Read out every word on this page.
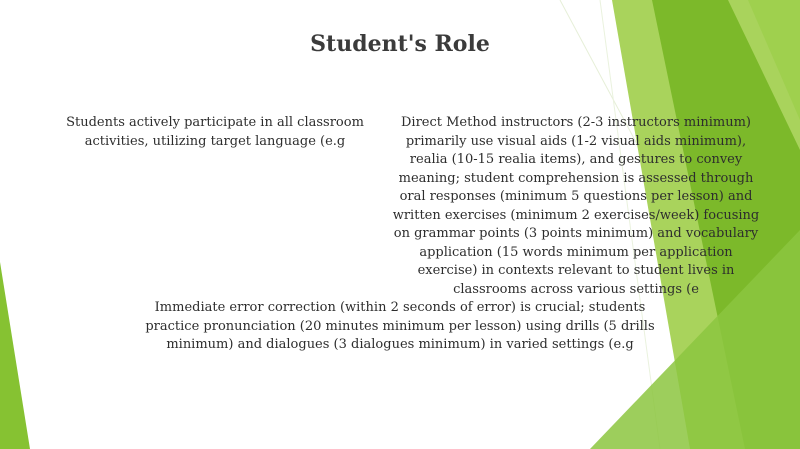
Student's Role

Students actively participate in all classroom activities, utilizing target language (e.g

Direct Method instructors (2-3 instructors minimum) primarily use visual aids (1-2 visual aids minimum), realia (10-15 realia items), and gestures to convey meaning; student comprehension is assessed through oral responses (minimum 5 questions per lesson) and written exercises (minimum 2 exercises/week) focusing on grammar points (3 points minimum) and vocabulary application (15 words minimum per application exercise) in contexts relevant to student lives in classrooms across various settings (e

Immediate error correction (within 2 seconds of error) is crucial; students practice pronunciation (20 minutes minimum per lesson) using drills (5 drills minimum) and dialogues (3 dialogues minimum) in varied settings (e.g
